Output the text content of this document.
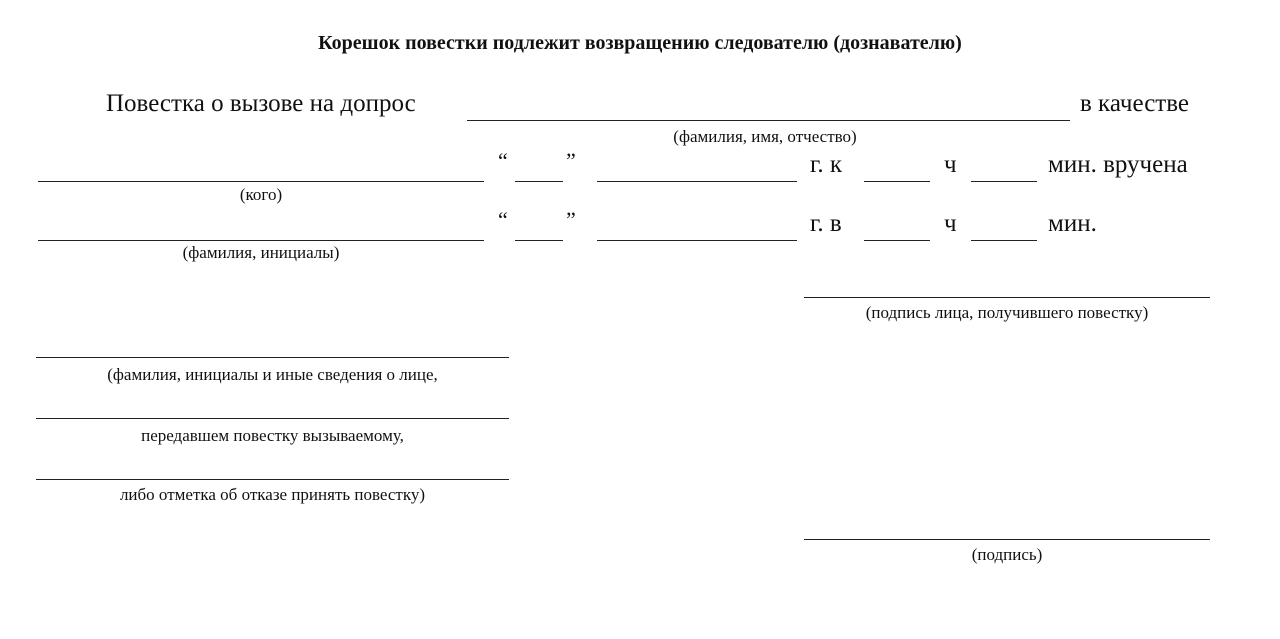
Корешок повестки подлежит возвращению следователю (дознавателю)
Повестка о вызове на допрос	в качестве
(фамилия, имя, отчество)
(кого)
“	”	г. к	ч	мин. вручена
(фамилия, инициалы)
“	”	г. в	ч	мин.
(подпись лица, получившего повестку)
(фамилия, инициалы и иные сведения о лице,
передавшем повестку вызываемому,
либо отметка об отказе принять повестку)
(подпись)
